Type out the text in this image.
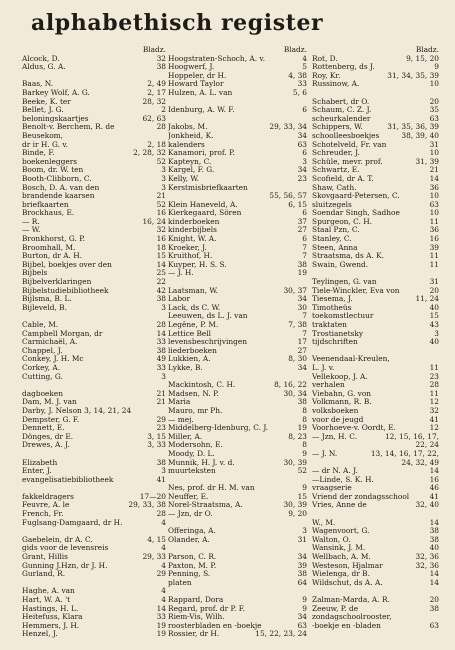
alphabethisch register
Bladz.
Alcock, D.	32
Aldus, G. A.	38
Baas, N.	2, 49
Barkey Wolf, A. G.	2, 17
Beeke, K. ter	28, 32
Bellet, J. G.	2
beloningskaartjes	62, 63
Benolt-v. Berchem, R. de	28
Beusekom,
dr ir H. G. v.	2, 18
Binde, F.	2, 28, 32
boekenleggers	52
Boom, dr. W. ten	3
Booth-Clibborn, C.	3
Bosch, D. A. van den	3
brandende kaarsen	21
briefkaarten	52
Brockhaus, E.	16
— R.	16, 24
— W.	32
Bronkhorst, G. P.	16
Broomhall, M.	18
Burton, dr A. H.	15
Bijbel, boekjes over den	14
Bijbels	25
Bijbelverklaringen	22
Bijbelstudiebibliotheek	42
Bijlsma, B. L.	38
Bijleveld, B.	3
Cable, M.	28
Campbell Morgan, dr	14
Carmichaël, A.	33
Chappel, J.	38
Conkey, J. H. Mc	49
Corkey, A.	33
Cutting, G.	3
dagboeken	21
Dam, M. J. van	21
Darby, J. Nelson 3, 14, 21, 24
Dempster, G. F.	29
Dennett, E.	23
Dönges, dr E.	3, 15
Drewes, A. J.	3, 33
Elizabeth	38
Enter, J.	3
evangelisatiebibliotheek	41
fakkeldragers	17—20
Feuvre, A. le	29, 33, 38
French, Fr.	28
Fuglsang-Damgaard, dr H.	4
Gaebelein, dr A. C.	4, 15
gids voor de levensreis	4
Grant, Hillis	29, 33
Gunning J.Hzn, dr J. H.	4
Gurland, R.	29
Haghe, A. van	4
Hart, W. A. 't	4
Hastings, H. L.	14
Heitefuss, Klara	33
Hemmers, J. H.	19
Henzel, J.	19
Bladz.
Hoogstraten-Schoch, A. v.	4
Hoogwerf, J.	5
Hoppeler, dr H.	4, 38
Howard Taylor	33
Hulzen, A. L. van	5, 6
Idenburg, A. W. F.	6
Jakobs, M.	29, 33, 34
Jonkheid, K.	34
kalenders	63
Kanamori, prof. P.	6
Kapteyn, C.	3
Kargel, F. G.	34
Kelly, W.	23
Kerstmisbriefkaarten
55, 56, 57
Klein Haneveld, A.	6, 15
Kierkegaard, Sören	6
kinderboeken	37
kinderbijbels	27
Knight, W. A.	6
Kroeker, J.	7
Kruithof, H.	7
Kuyper, H. S. S.	38
— J. H.	19
Laatsman, W.	30, 37
Labor	34
Lack, ds C. W.	30
Leeuwen, ds L. J. van	7
Legêne, P. M.	7, 38
Lettice Bell	7
levensbeschrijvingen	17
liederboeken	27
Lukkien, A.	8, 30
Lykke, B.	34
Mackintosh, C. H.	8, 16, 22
Madsen, N. P.	30, 34
Maria	38
Mauro, mr Ph.	8
— mej.	8
Middelberg-Idenburg, C. J.	19
Miller, A.	8, 23
Modersohn, E.	8
Moody, D. L.	9
Munnik, H. J. v. d.	30, 39
muurteksten	52
Nes, prof. dr H. M. van	9
Neuffer, E.	15
Norel-Straatsma, A.	30, 39
— Jzn, dr O.	9, 20
Offeringa, A.	3
Olander, A.	31
Parson, C. R.	34
Paxton, M. P.	39
Penning, S.	38
platen	64
Rappard, Dora	9
Regard, prof. dr P. F.	9
Riem-Vis, Wilh.	34
roosterbladen en -boekje	63
Rossier, dr H.	15, 22, 23, 24
Bladz.
Rot, D.	9, 15, 20
Rottenberg, ds J.	9
Roy, Kr.	31, 34, 35, 39
Russinow, A.	10
Schabert, dr O.	20
Schaum, C. Z. J.	35
scheurkalender	63
Schippers, W.	31, 35, 36, 39
schoolleesboekjes	38, 39, 40
Schotelveld, Fr. van	31
Schreuder, J.	10
Schüle, mevr. prof.	31, 39
Schwartz, E.	21
Scofield, dr A. T.	14
Shaw, Cath.	36
Skovgaard-Petersen, C.	10
sluitzegels	63
Soendar Singh, Sadhoe	10
Spurgeon, C. H.	11
Staal Pzn, C.	36
Stanley, C.	16
Steen, Anna	39
Straatsma, ds A. K.	11
Swain, Gwend.	11
Teylingen, G. van	31
Tiele-Winckler, Eva von	20
Tiesema, J.	11, 24
Timotheüs	40
toekomstlectuur	15
traktaten	43
Trostianetsky	3
tijdschriften	40
Veenendaal-Kreulen,
L. J. v.	11
Vellekoop, J. A.	23
verhalen	28
Viebahn, G. von	11
Volkmann, R. B.	12
volksboeken	32
voor de jeugd	41
Voorhoeve-v. Oordt, E.	12
— Jzn, H. C.	12, 15, 16, 17,
22, 24
— J. N.	13, 14, 16, 17, 22,
24, 32, 49
— dr N. A. J.	14
—Linde, S. K. H.	16
vraagserie	46
Vriend der zondagsschool	41
Vries, Anne de	32, 40
W., M.	14
Wagenvoort, G.	38
Walton, O.	38
Wansink, J. M.	40
Wellbach, A. M.	32, 36
Westeson, Hjalmar	32, 36
Wielenga, dr B.	14
Wildschut, ds A. A.	14
Zalman-Marda, A. R.	20
Zeeuw, P. de	38
zondagschoolrooster,
-boekje en -bladen	63
